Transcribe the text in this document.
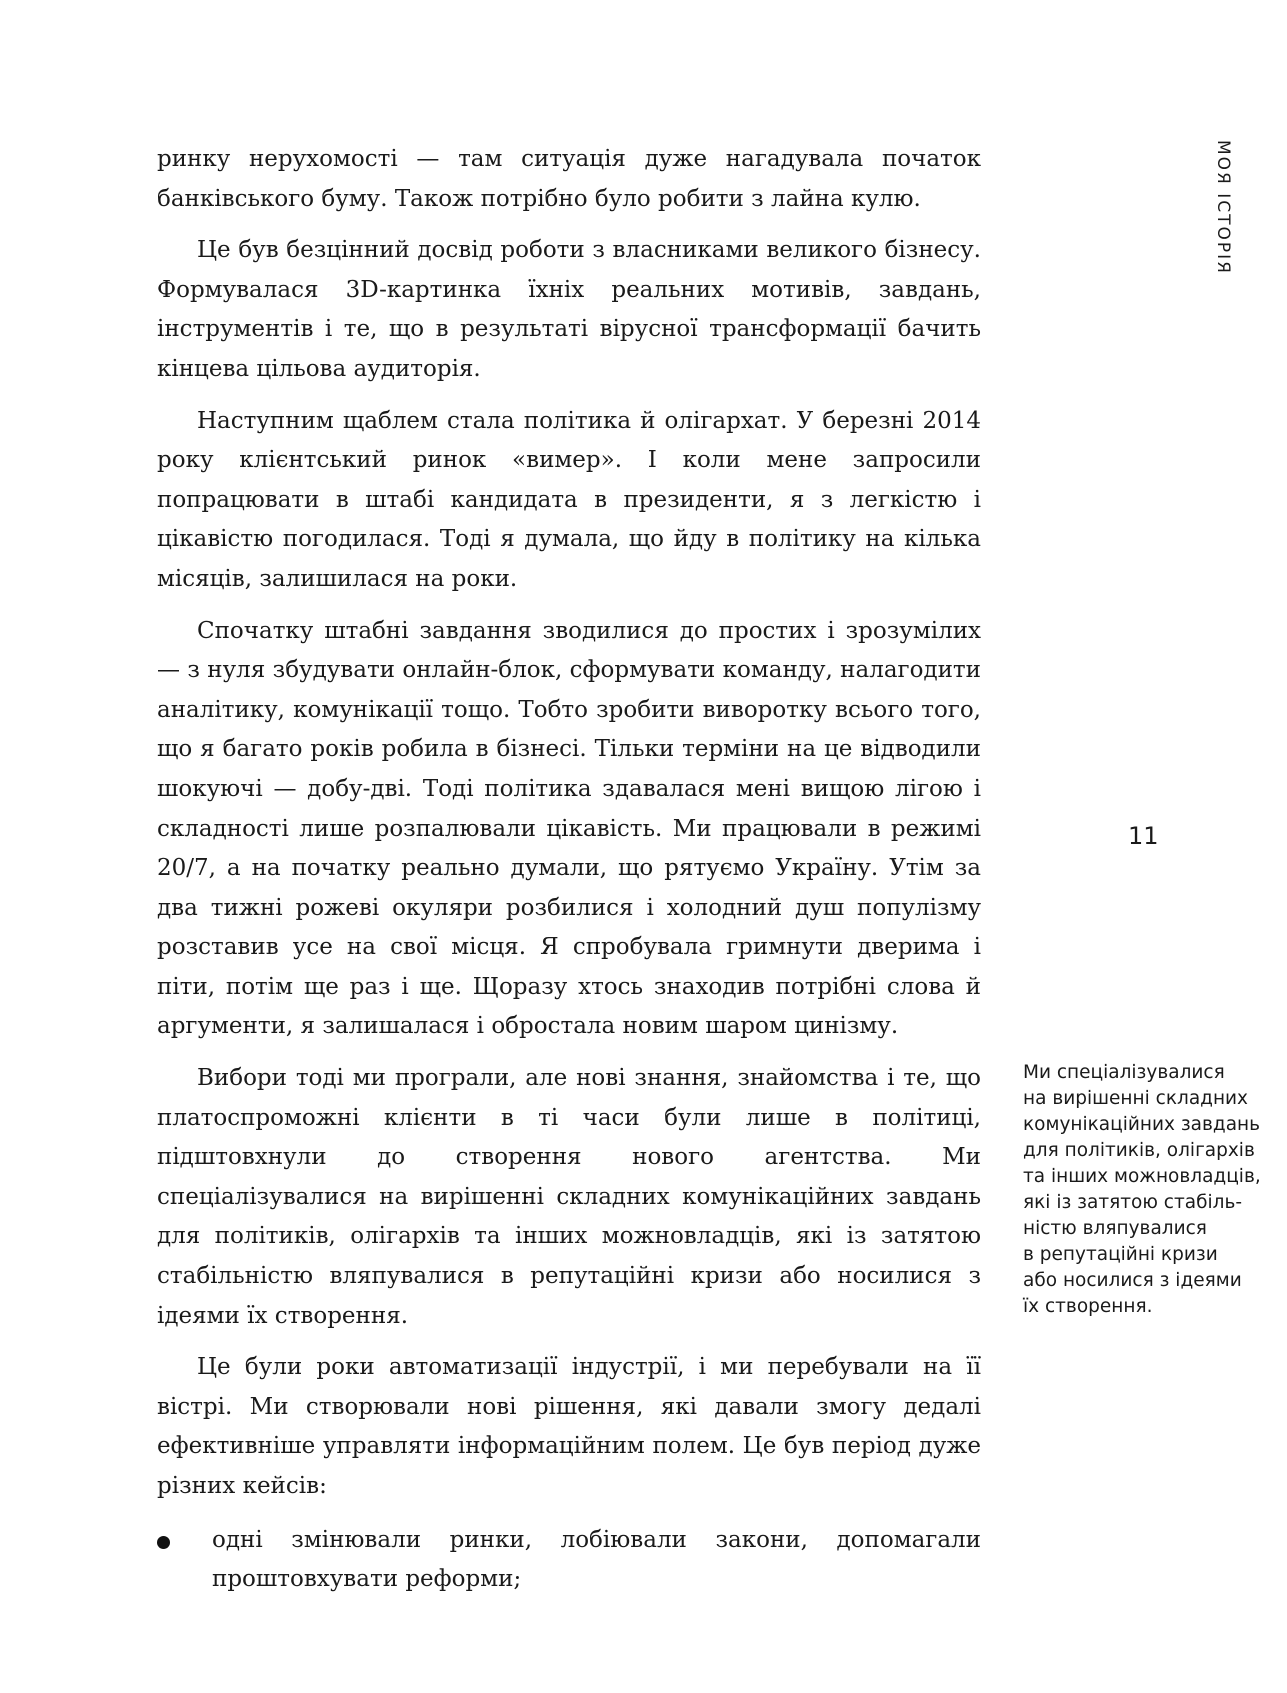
МОЯ ІСТОРІЯ

ринку нерухомості — там ситуація дуже нагадувала початок банківського буму. Також потрібно було робити з лайна кулю.

Це був безцінний досвід роботи з власниками великого бізнесу. Формувалася 3D-картинка їхніх реальних мотивів, завдань, інструментів і те, що в результаті вірусної трансформації бачить кінцева цільова аудиторія.

Наступним щаблем стала політика й олігархат. У березні 2014 року клієнтський ринок «вимер». І коли мене запросили попрацювати в штабі кандидата в президенти, я з легкістю і цікавістю погодилася. Тоді я думала, що йду в політику на кілька місяців, залишилася на роки.

Спочатку штабні завдання зводилися до простих і зрозумілих — з нуля збудувати онлайн-блок, сформувати команду, налагодити аналітику, комунікації тощо. Тобто зробити виворотку всього того, що я багато років робила в бізнесі. Тільки терміни на це відводили шокуючі — добу-дві. Тоді політика здавалася мені вищою лігою і складності лише розпалювали цікавість. Ми працювали в режимі 20/7, а на початку реально думали, що рятуємо Україну. Утім за два тижні рожеві окуляри розбилися і холодний душ популізму розставив усе на свої місця. Я спробувала гримнути дверима і піти, потім ще раз і ще. Щоразу хтось знаходив потрібні слова й аргументи, я залишалася і обростала новим шаром цинізму.

Вибори тоді ми програли, але нові знання, знайомства і те, що платоспроможні клієнти в ті часи були лише в політиці, підштовхнули до створення нового агентства. Ми спеціалізувалися на вирішенні складних комунікаційних завдань для політиків, олігархів та інших можновладців, які із затятою стабільністю вляпувалися в репутаційні кризи або носилися з ідеями їх створення.

Це були роки автоматизації індустрії, і ми перебували на її вістрі. Ми створювали нові рішення, які давали змогу дедалі ефективніше управляти інформаційним полем. Це був період дуже різних кейсів:

одні змінювали ринки, лобіювали закони, допомагали проштовхувати реформи;
11
Ми спеціалізувалися
на вирішенні складних
комунікаційних завдань
для політиків, олігархів
та інших можновладців,
які із затятою стабіль-
ністю вляпувалися
в репутаційні кризи
або носилися з ідеями
їх створення.
